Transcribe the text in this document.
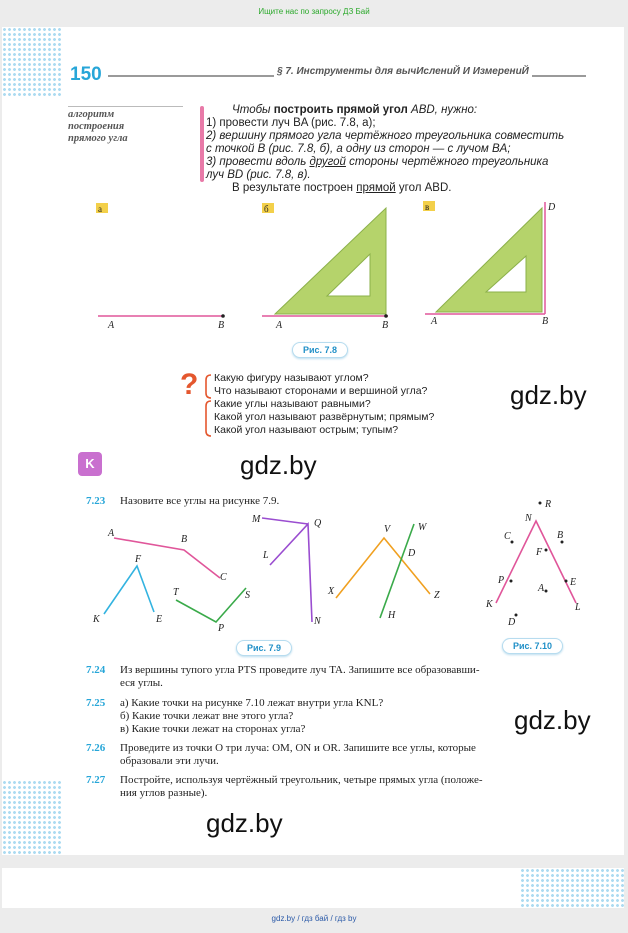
Ищите нас по запросу ДЗ Бай
150	§ 7. Инструменты для вычИслениЙ И ИзмерениЙ
алгоритм
построения
прямого угла
Чтобы построить прямой угол ABD, нужно:
1) провести луч BA (рис. 7.8, а);
2) вершину прямого угла чертёжного треугольника совместить
с точкой B (рис. 7.8, б), а одну из сторон — с лучом BA;
3) провести вдоль другой стороны чертёжного треугольника
луч BD (рис. 7.8, в).
В результате построен прямой угол ABD.
а
A	B
б
A	B
в
A	B
D
Рис. 7.8
? Какую фигуру называют углом?
Что называют сторонами и вершиной угла?
Какие углы называют равными?
Какой угол называют развёрнутым; прямым?
Какой угол называют острым; тупым?
gdz.by
K	gdz.by
7.23	Назовите все углы на рисунке 7.9.
A
B
C
F
K	E
T	S
P
M	Q
L
N
V	W
D
X	Z
H
Рис. 7.9
R
N
C	B
F
P	E
A
K	L
D
Рис. 7.10
7.24	Из вершины тупого угла PTS проведите луч TA. Запишите все образовавши-
еся углы.
7.25	а) Какие точки на рисунке 7.10 лежат внутри угла KNL?
б) Какие точки лежат вне этого угла?
в) Какие точки лежат на сторонах угла?	gdz.by
7.26	Проведите из точки O три луча: OM, ON и OR. Запишите все углы, которые
образовали эти лучи.
7.27	Постройте, используя чертёжный треугольник, четыре прямых угла (положе-
ния углов разные).
gdz.by
gdz.by / гдз бай / гдз by
